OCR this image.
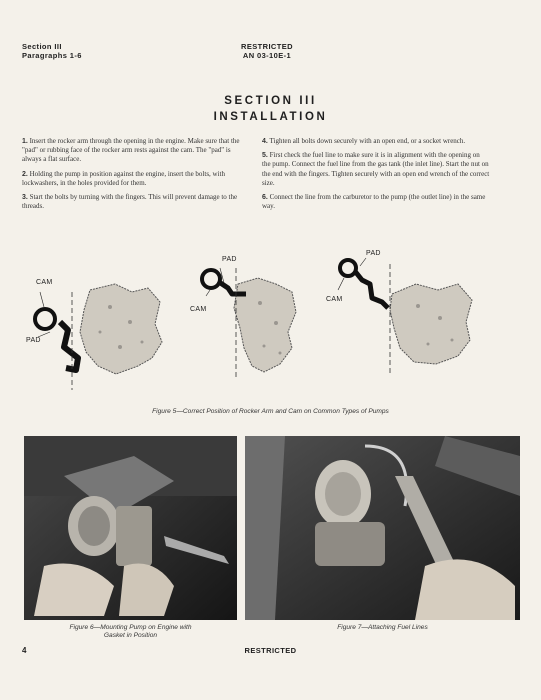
Section III
Paragraphs 1-6
RESTRICTED
AN 03-10E-1
SECTION III
INSTALLATION

1. Insert the rocker arm through the opening in the engine. Make sure that the "pad" or rubbing face of the rocker arm rests against the cam. The "pad" is always a flat surface.

2. Holding the pump in position against the engine, insert the bolts, with lockwashers, in the holes provided for them.

3. Start the bolts by turning with the fingers. This will prevent damage to the threads.

4. Tighten all bolts down securely with an open end, or a socket wrench.

5. First check the fuel line to make sure it is in alignment with the opening on the pump. Connect the fuel line from the gas tank (the inlet line). Start the nut on the end with the fingers. Tighten securely with an open end wrench of the correct size.

6. Connect the line from the carburetor to the pump (the outlet line) in the same way.

CAM
PAD
PAD
CAM
PAD
CAM
Figure 5—Correct Position of Rocker Arm and Cam on Common Types of Pumps
Figure 6—Mounting Pump on Engine with
Gasket in Position
Figure 7—Attaching Fuel Lines
4	RESTRICTED
